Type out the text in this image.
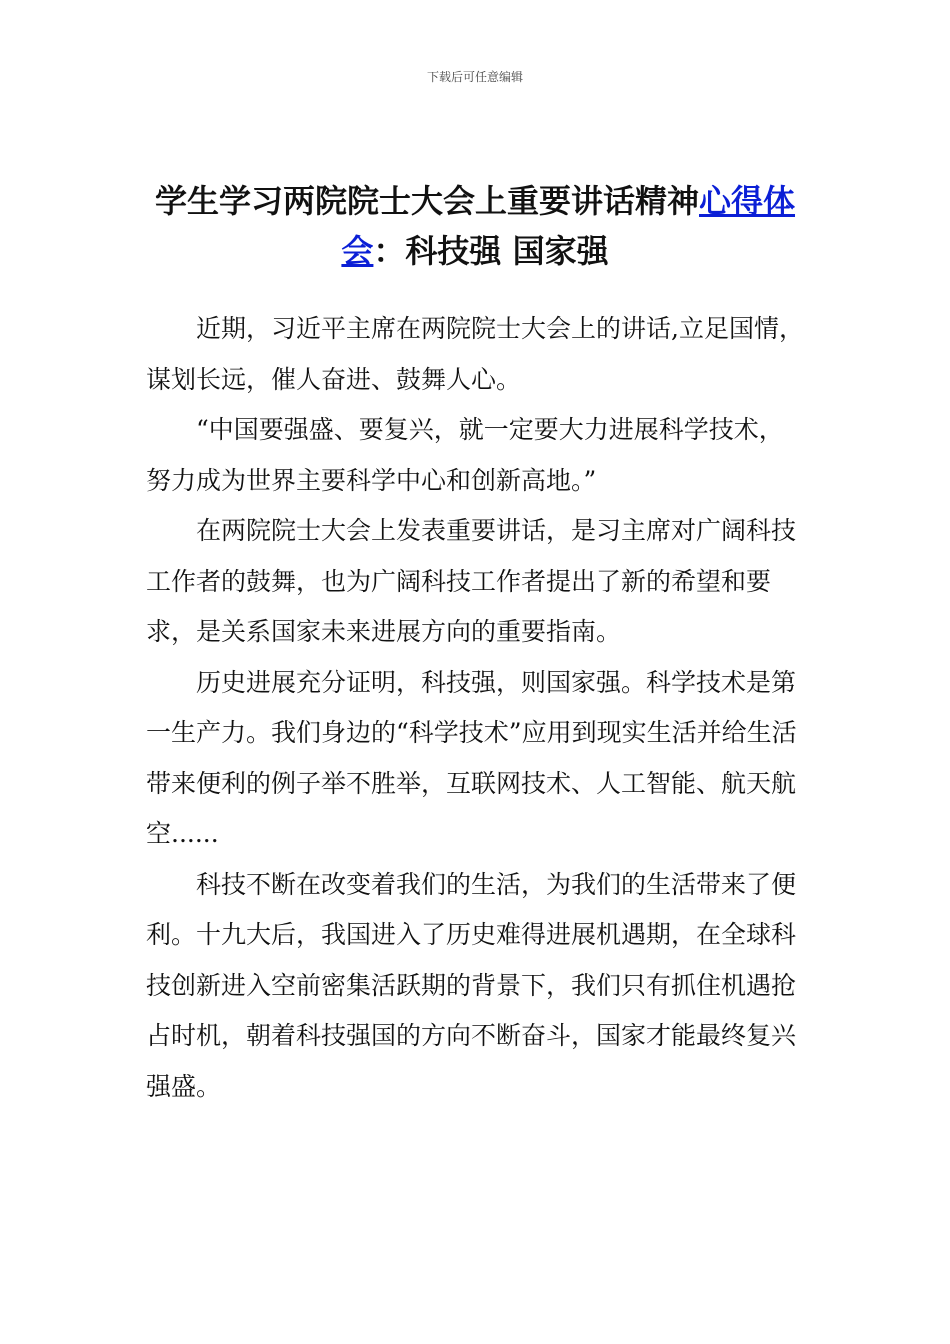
下载后可任意编辑
学生学习两院院士大会上重要讲话精神心得体会：科技强 国家强

近期，习近平主席在两院院士大会上的讲话,立足国情，谋划长远，催人奋进、鼓舞人心。

“中国要强盛、要复兴，就一定要大力进展科学技术，努力成为世界主要科学中心和创新高地。”

在两院院士大会上发表重要讲话，是习主席对广阔科技工作者的鼓舞，也为广阔科技工作者提出了新的希望和要求，是关系国家未来进展方向的重要指南。

历史进展充分证明，科技强，则国家强。科学技术是第一生产力。我们身边的“科学技术”应用到现实生活并给生活带来便利的例子举不胜举，互联网技术、人工智能、航天航空......

科技不断在改变着我们的生活，为我们的生活带来了便利。十九大后，我国进入了历史难得进展机遇期，在全球科技创新进入空前密集活跃期的背景下，我们只有抓住机遇抢占时机，朝着科技强国的方向不断奋斗，国家才能最终复兴强盛。
